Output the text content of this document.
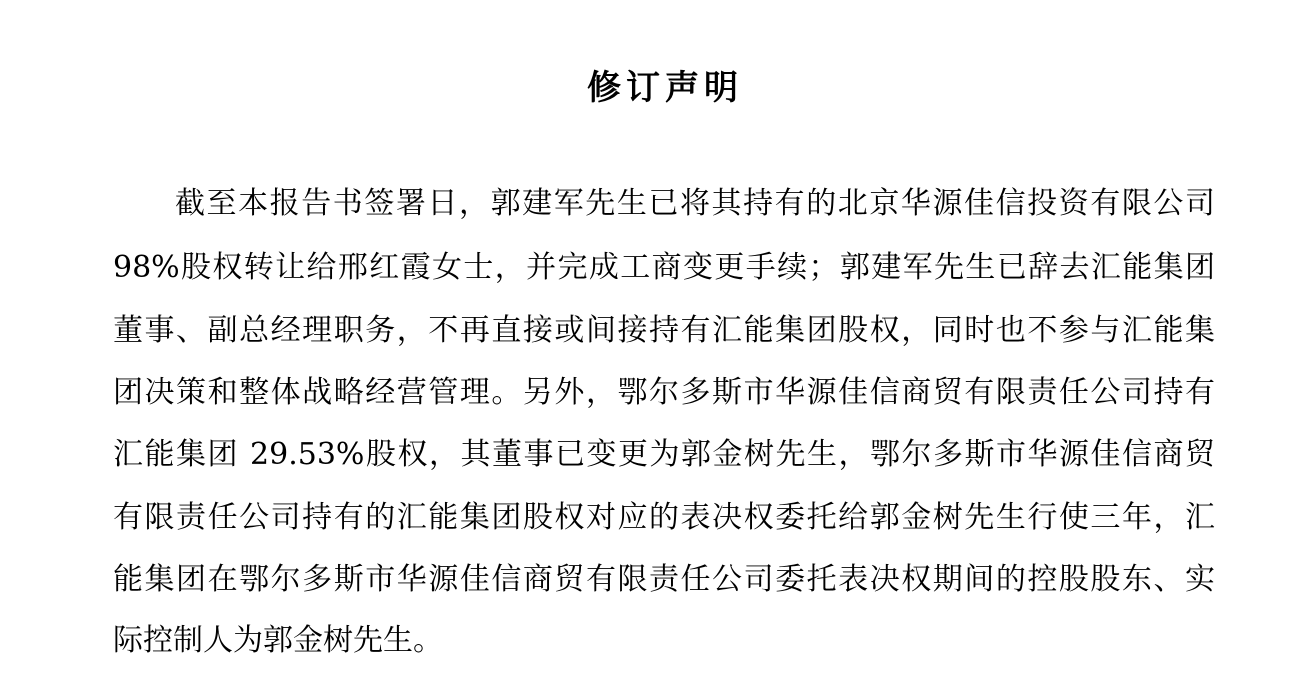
修订声明
截至本报告书签署日，郭建军先生已将其持有的北京华源佳信投资有限公司
98%股权转让给邢红霞女士，并完成工商变更手续；郭建军先生已辞去汇能集团
董事、副总经理职务，不再直接或间接持有汇能集团股权，同时也不参与汇能集
团决策和整体战略经营管理。另外，鄂尔多斯市华源佳信商贸有限责任公司持有
汇能集团 29.53%股权，其董事已变更为郭金树先生，鄂尔多斯市华源佳信商贸
有限责任公司持有的汇能集团股权对应的表决权委托给郭金树先生行使三年，汇
能集团在鄂尔多斯市华源佳信商贸有限责任公司委托表决权期间的控股股东、实
际控制人为郭金树先生。
